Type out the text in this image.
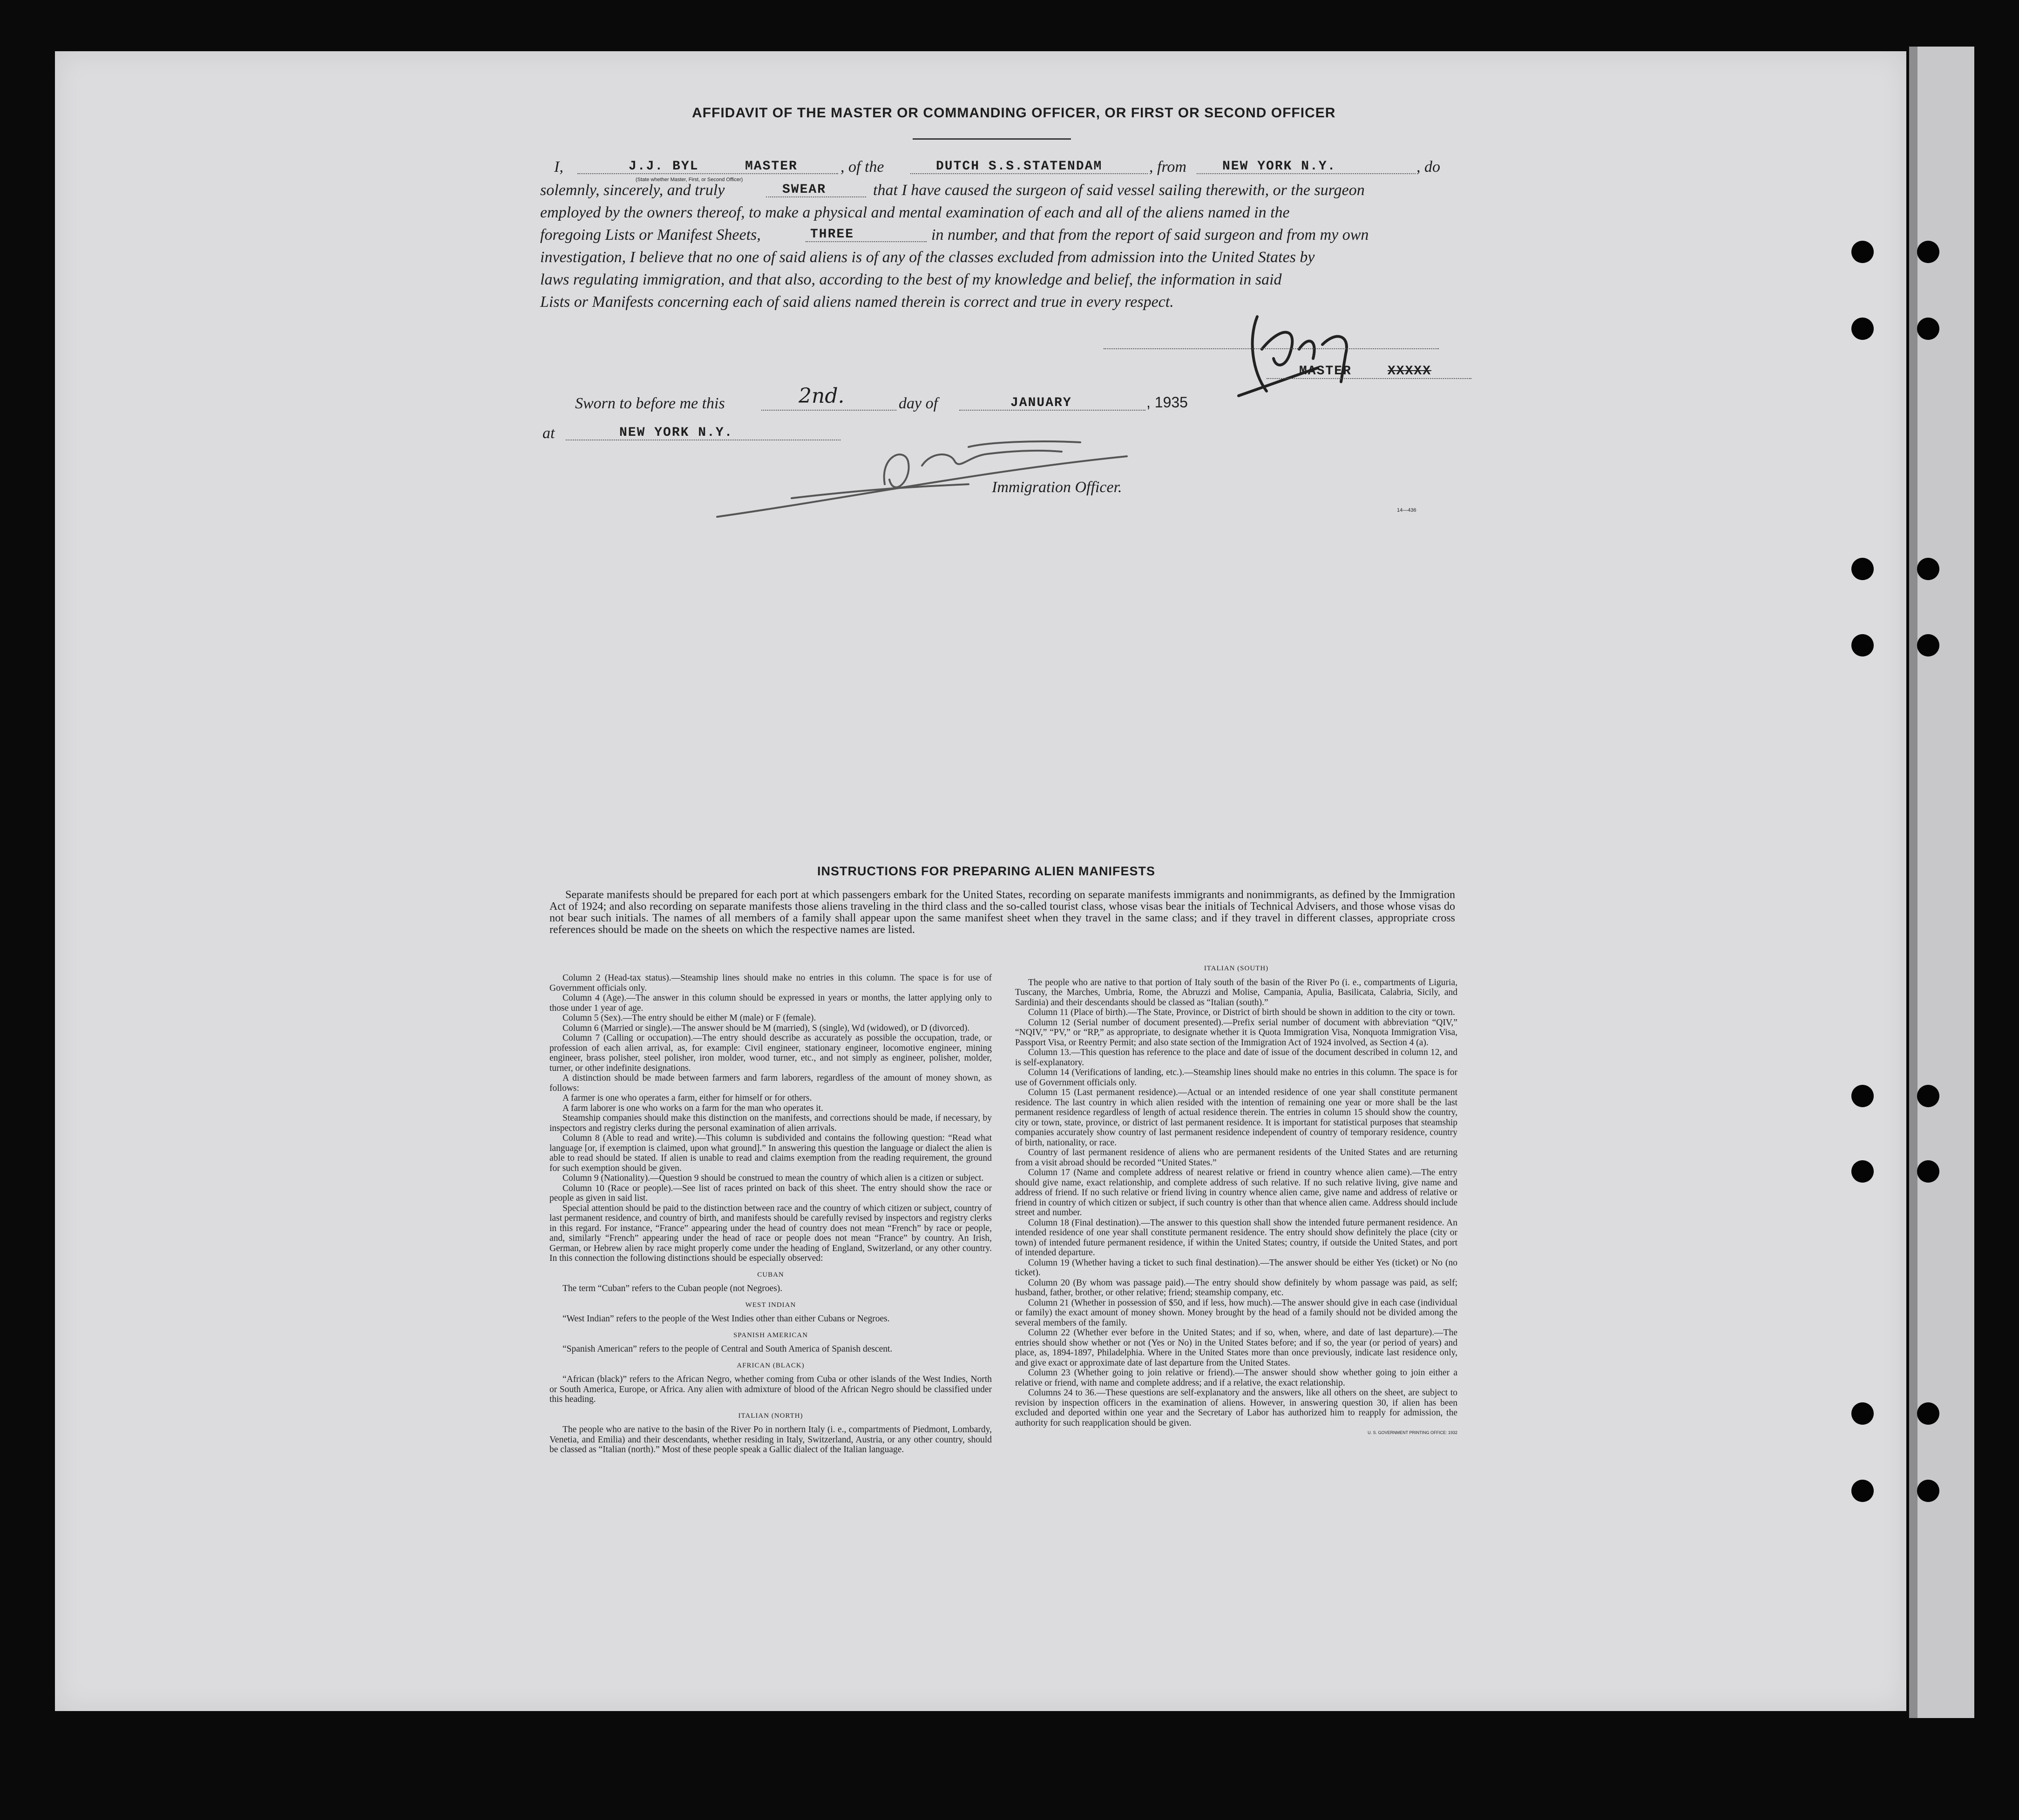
AFFIDAVIT OF THE MASTER OR COMMANDING OFFICER, OR FIRST OR SECOND OFFICER
I,	J.J. BYL	MASTER
(State whether Master, First, or Second Officer)
, of the	DUTCH S.S.STATENDAM	, from	NEW YORK N.Y.	, do
solemnly, sincerely, and truly	SWEAR	that I have caused the surgeon of said vessel sailing therewith, or the surgeon
employed by the owners thereof, to make a physical and mental examination of each and all of the aliens named in the
foregoing Lists or Manifest Sheets,	THREE	in number, and that from the report of said surgeon and from my own
investigation, I believe that no one of said aliens is of any of the classes excluded from admission into the United States by
laws regulating immigration, and that also, according to the best of my knowledge and belief, the information in said
Lists or Manifests concerning each of said aliens named therein is correct and true in every respect.
MASTER	XXXXX
Sworn to before me this	2nd.	day of	JANUARY	, 1935
at	NEW YORK N.Y.
Immigration Officer.
14—436
INSTRUCTIONS FOR PREPARING ALIEN MANIFESTS
Separate manifests should be prepared for each port at which passengers embark for the United States, recording on separate manifests immigrants and nonimmigrants, as defined by the Immigration Act of 1924; and also recording on separate manifests those aliens traveling in the third class and the so-called tourist class, whose visas bear the initials of Technical Advisers, and those whose visas do not bear such initials. The names of all members of a family shall appear upon the same manifest sheet when they travel in the same class; and if they travel in different classes, appropriate cross references should be made on the sheets on which the respective names are listed.

Column 2 (Head-tax status).—Steamship lines should make no entries in this column. The space is for use of Government officials only.

Column 4 (Age).—The answer in this column should be expressed in years or months, the latter applying only to those under 1 year of age.

Column 5 (Sex).—The entry should be either M (male) or F (female).

Column 6 (Married or single).—The answer should be M (married), S (single), Wd (widowed), or D (divorced).

Column 7 (Calling or occupation).—The entry should describe as accurately as possible the occupation, trade, or profession of each alien arrival, as, for example: Civil engineer, stationary engineer, locomotive engineer, mining engineer, brass polisher, steel polisher, iron molder, wood turner, etc., and not simply as engineer, polisher, molder, turner, or other indefinite designations.

A distinction should be made between farmers and farm laborers, regardless of the amount of money shown, as follows:

A farmer is one who operates a farm, either for himself or for others.

A farm laborer is one who works on a farm for the man who operates it.

Steamship companies should make this distinction on the manifests, and corrections should be made, if necessary, by inspectors and registry clerks during the personal examination of alien arrivals.

Column 8 (Able to read and write).—This column is subdivided and contains the following question: “Read what language [or, if exemption is claimed, upon what ground].” In answering this question the language or dialect the alien is able to read should be stated. If alien is unable to read and claims exemption from the reading requirement, the ground for such exemption should be given.

Column 9 (Nationality).—Question 9 should be construed to mean the country of which alien is a citizen or subject.

Column 10 (Race or people).—See list of races printed on back of this sheet. The entry should show the race or people as given in said list.

Special attention should be paid to the distinction between race and the country of which citizen or subject, country of last permanent residence, and country of birth, and manifests should be carefully revised by inspectors and registry clerks in this regard. For instance, “France” appearing under the head of country does not mean “French” by race or people, and, similarly “French” appearing under the head of race or people does not mean “France” by country. An Irish, German, or Hebrew alien by race might properly come under the heading of England, Switzerland, or any other country. In this connection the following distinctions should be especially observed:

CUBAN

The term “Cuban” refers to the Cuban people (not Negroes).

WEST INDIAN

“West Indian” refers to the people of the West Indies other than either Cubans or Negroes.

SPANISH AMERICAN

“Spanish American” refers to the people of Central and South America of Spanish descent.

AFRICAN (BLACK)

“African (black)” refers to the African Negro, whether coming from Cuba or other islands of the West Indies, North or South America, Europe, or Africa. Any alien with admixture of blood of the African Negro should be classified under this heading.

ITALIAN (NORTH)

The people who are native to the basin of the River Po in northern Italy (i. e., compartments of Piedmont, Lombardy, Venetia, and Emilia) and their descendants, whether residing in Italy, Switzerland, Austria, or any other country, should be classed as “Italian (north).” Most of these people speak a Gallic dialect of the Italian language.

ITALIAN (SOUTH)

The people who are native to that portion of Italy south of the basin of the River Po (i. e., compartments of Liguria, Tuscany, the Marches, Umbria, Rome, the Abruzzi and Molise, Campania, Apulia, Basilicata, Calabria, Sicily, and Sardinia) and their descendants should be classed as “Italian (south).”

Column 11 (Place of birth).—The State, Province, or District of birth should be shown in addition to the city or town.

Column 12 (Serial number of document presented).—Prefix serial number of document with abbreviation “QIV,” “NQIV,” “PV,” or “RP,” as appropriate, to designate whether it is Quota Immigration Visa, Nonquota Immigration Visa, Passport Visa, or Reentry Permit; and also state section of the Immigration Act of 1924 involved, as Section 4 (a).

Column 13.—This question has reference to the place and date of issue of the document described in column 12, and is self-explanatory.

Column 14 (Verifications of landing, etc.).—Steamship lines should make no entries in this column. The space is for use of Government officials only.

Column 15 (Last permanent residence).—Actual or an intended residence of one year shall constitute permanent residence. The last country in which alien resided with the intention of remaining one year or more shall be the last permanent residence regardless of length of actual residence therein. The entries in column 15 should show the country, city or town, state, province, or district of last permanent residence. It is important for statistical purposes that steamship companies accurately show country of last permanent residence independent of country of temporary residence, country of birth, nationality, or race.

Country of last permanent residence of aliens who are permanent residents of the United States and are returning from a visit abroad should be recorded “United States.”

Column 17 (Name and complete address of nearest relative or friend in country whence alien came).—The entry should give name, exact relationship, and complete address of such relative. If no such relative living, give name and address of friend. If no such relative or friend living in country whence alien came, give name and address of relative or friend in country of which citizen or subject, if such country is other than that whence alien came. Address should include street and number.

Column 18 (Final destination).—The answer to this question shall show the intended future permanent residence. An intended residence of one year shall constitute permanent residence. The entry should show definitely the place (city or town) of intended future permanent residence, if within the United States; country, if outside the United States, and port of intended departure.

Column 19 (Whether having a ticket to such final destination).—The answer should be either Yes (ticket) or No (no ticket).

Column 20 (By whom was passage paid).—The entry should show definitely by whom passage was paid, as self; husband, father, brother, or other relative; friend; steamship company, etc.

Column 21 (Whether in possession of $50, and if less, how much).—The answer should give in each case (individual or family) the exact amount of money shown. Money brought by the head of a family should not be divided among the several members of the family.

Column 22 (Whether ever before in the United States; and if so, when, where, and date of last departure).—The entries should show whether or not (Yes or No) in the United States before; and if so, the year (or period of years) and place, as, 1894-1897, Philadelphia. Where in the United States more than once previously, indicate last residence only, and give exact or approximate date of last departure from the United States.

Column 23 (Whether going to join relative or friend).—The answer should show whether going to join either a relative or friend, with name and complete address; and if a relative, the exact relationship.

Columns 24 to 36.—These questions are self-explanatory and the answers, like all others on the sheet, are subject to revision by inspection officers in the examination of aliens. However, in answering question 30, if alien has been excluded and deported within one year and the Secretary of Labor has authorized him to reapply for admission, the authority for such reapplication should be given.

U. S. GOVERNMENT PRINTING OFFICE: 1932
